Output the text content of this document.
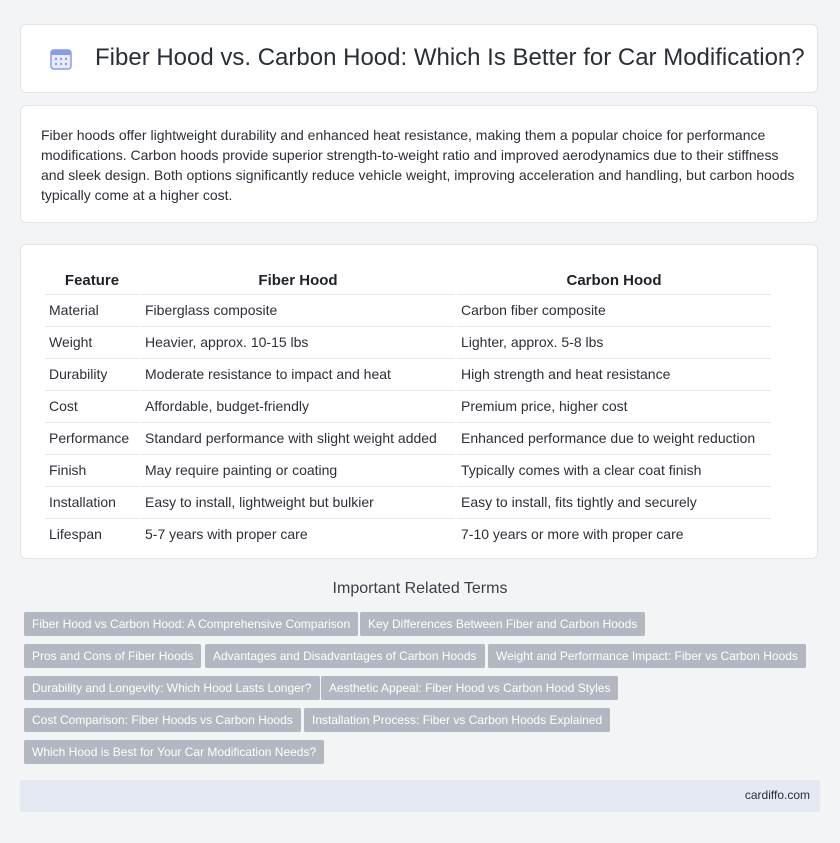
Fiber Hood vs. Carbon Hood: Which Is Better for Car Modification?

Fiber hoods offer lightweight durability and enhanced heat resistance, making them a popular choice for performance modifications. Carbon hoods provide superior strength-to-weight ratio and improved aerodynamics due to their stiffness and sleek design. Both options significantly reduce vehicle weight, improving acceleration and handling, but carbon hoods typically come at a higher cost.

Feature	Fiber Hood	Carbon Hood
Material	Fiberglass composite	Carbon fiber composite
Weight	Heavier, approx. 10-15 lbs	Lighter, approx. 5-8 lbs
Durability	Moderate resistance to impact and heat	High strength and heat resistance
Cost	Affordable, budget-friendly	Premium price, higher cost
Performance	Standard performance with slight weight added	Enhanced performance due to weight reduction
Finish	May require painting or coating	Typically comes with a clear coat finish
Installation	Easy to install, lightweight but bulkier	Easy to install, fits tightly and securely
Lifespan	5-7 years with proper care	7-10 years or more with proper care
Important Related Terms
Fiber Hood vs Carbon Hood: A Comprehensive Comparison	Key Differences Between Fiber and Carbon Hoods
Pros and Cons of Fiber Hoods	Advantages and Disadvantages of Carbon Hoods	Weight and Performance Impact: Fiber vs Carbon Hoods
Durability and Longevity: Which Hood Lasts Longer?	Aesthetic Appeal: Fiber Hood vs Carbon Hood Styles
Cost Comparison: Fiber Hoods vs Carbon Hoods	Installation Process: Fiber vs Carbon Hoods Explained
Which Hood is Best for Your Car Modification Needs?
cardiffo.com
